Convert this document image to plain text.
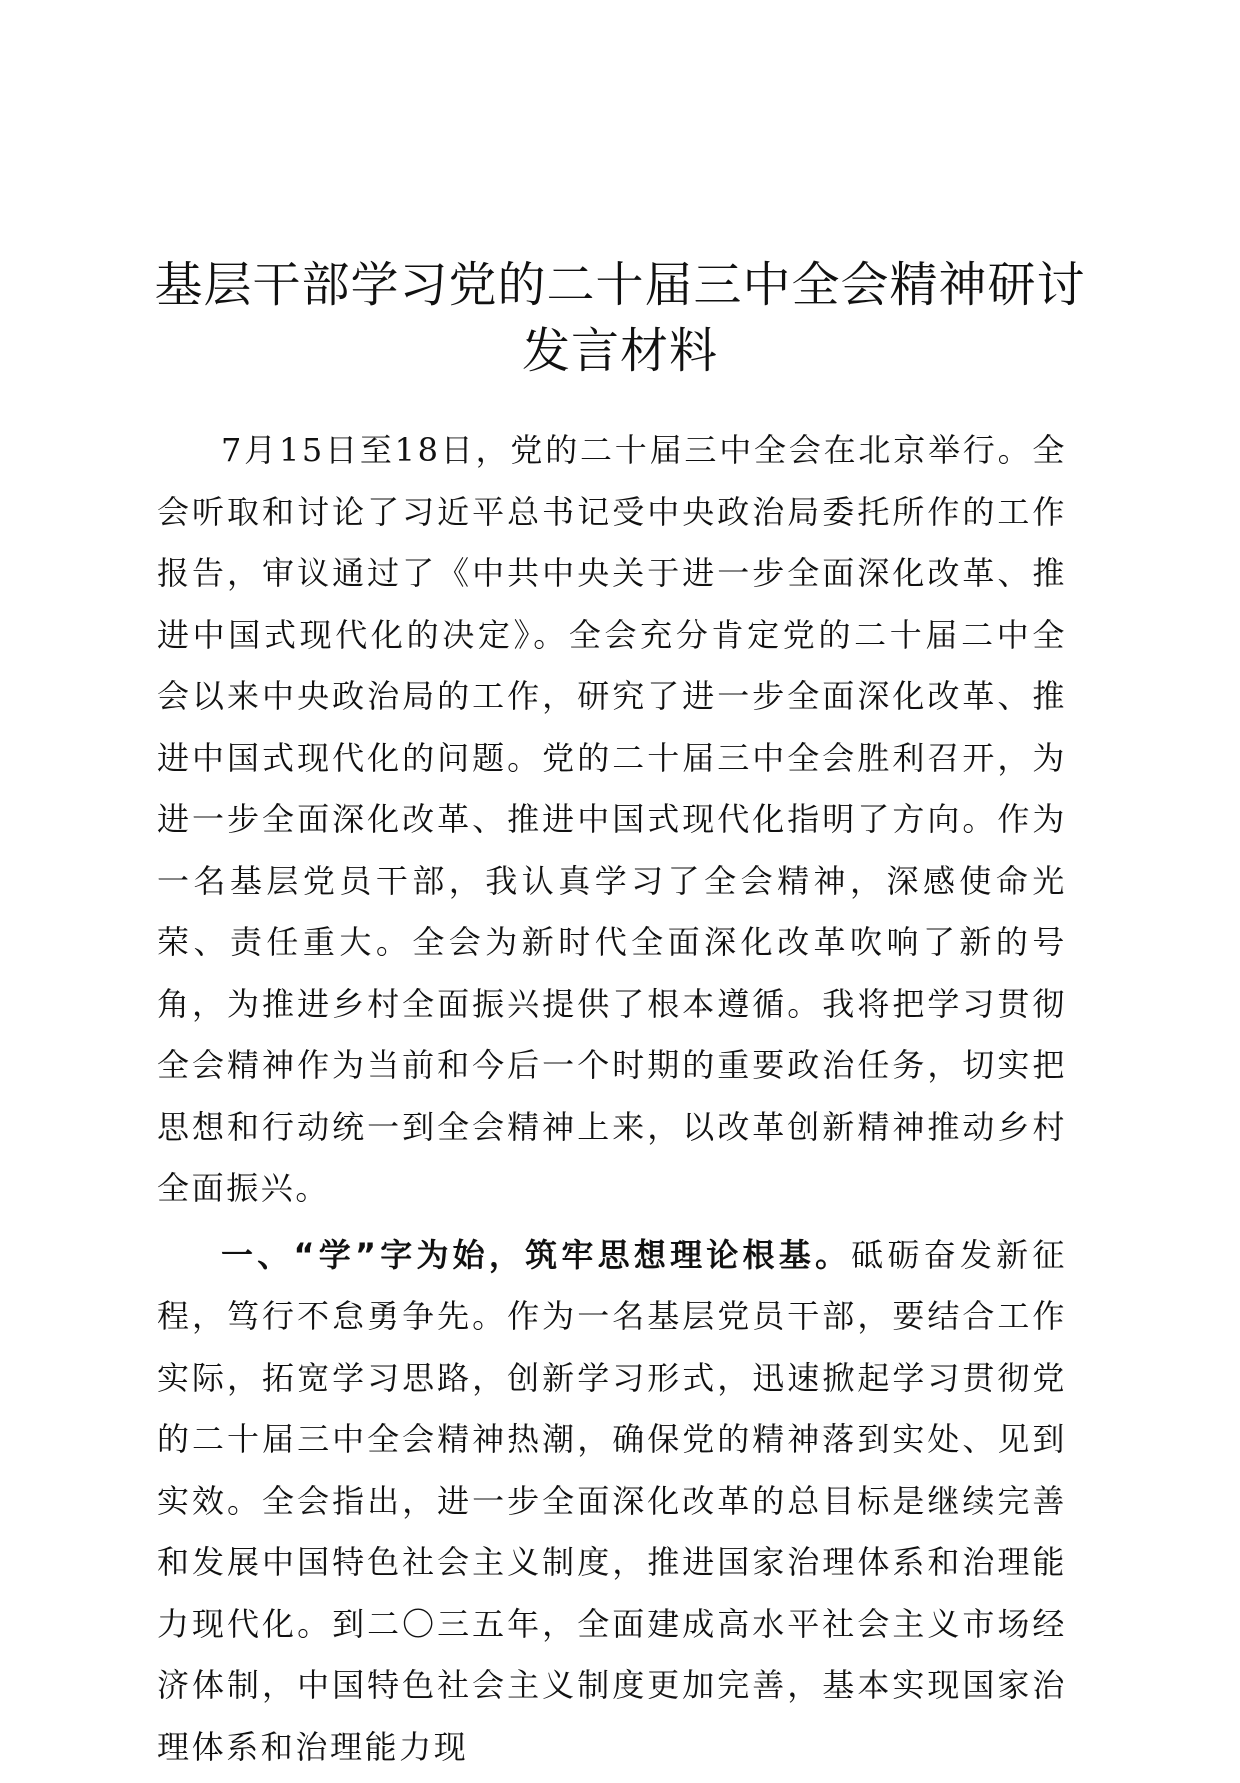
基层干部学习党的二十届三中全会精神研讨发言材料

7月15日至18日，党的二十届三中全会在北京举行。全会听取和讨论了习近平总书记受中央政治局委托所作的工作报告，审议通过了《中共中央关于进一步全面深化改革、推进中国式现代化的决定》。全会充分肯定党的二十届二中全会以来中央政治局的工作，研究了进一步全面深化改革、推进中国式现代化的问题。党的二十届三中全会胜利召开，为进一步全面深化改革、推进中国式现代化指明了方向。作为一名基层党员干部，我认真学习了全会精神，深感使命光荣、责任重大。全会为新时代全面深化改革吹响了新的号角，为推进乡村全面振兴提供了根本遵循。我将把学习贯彻全会精神作为当前和今后一个时期的重要政治任务，切实把思想和行动统一到全会精神上来，以改革创新精神推动乡村全面振兴。

一、“学”字为始，筑牢思想理论根基。砥砺奋发新征程，笃行不怠勇争先。作为一名基层党员干部，要结合工作实际，拓宽学习思路，创新学习形式，迅速掀起学习贯彻党的二十届三中全会精神热潮，确保党的精神落到实处、见到实效。全会指出，进一步全面深化改革的总目标是继续完善和发展中国特色社会主义制度，推进国家治理体系和治理能力现代化。到二〇三五年，全面建成高水平社会主义市场经济体制，中国特色社会主义制度更加完善，基本实现国家治理体系和治理能力现
